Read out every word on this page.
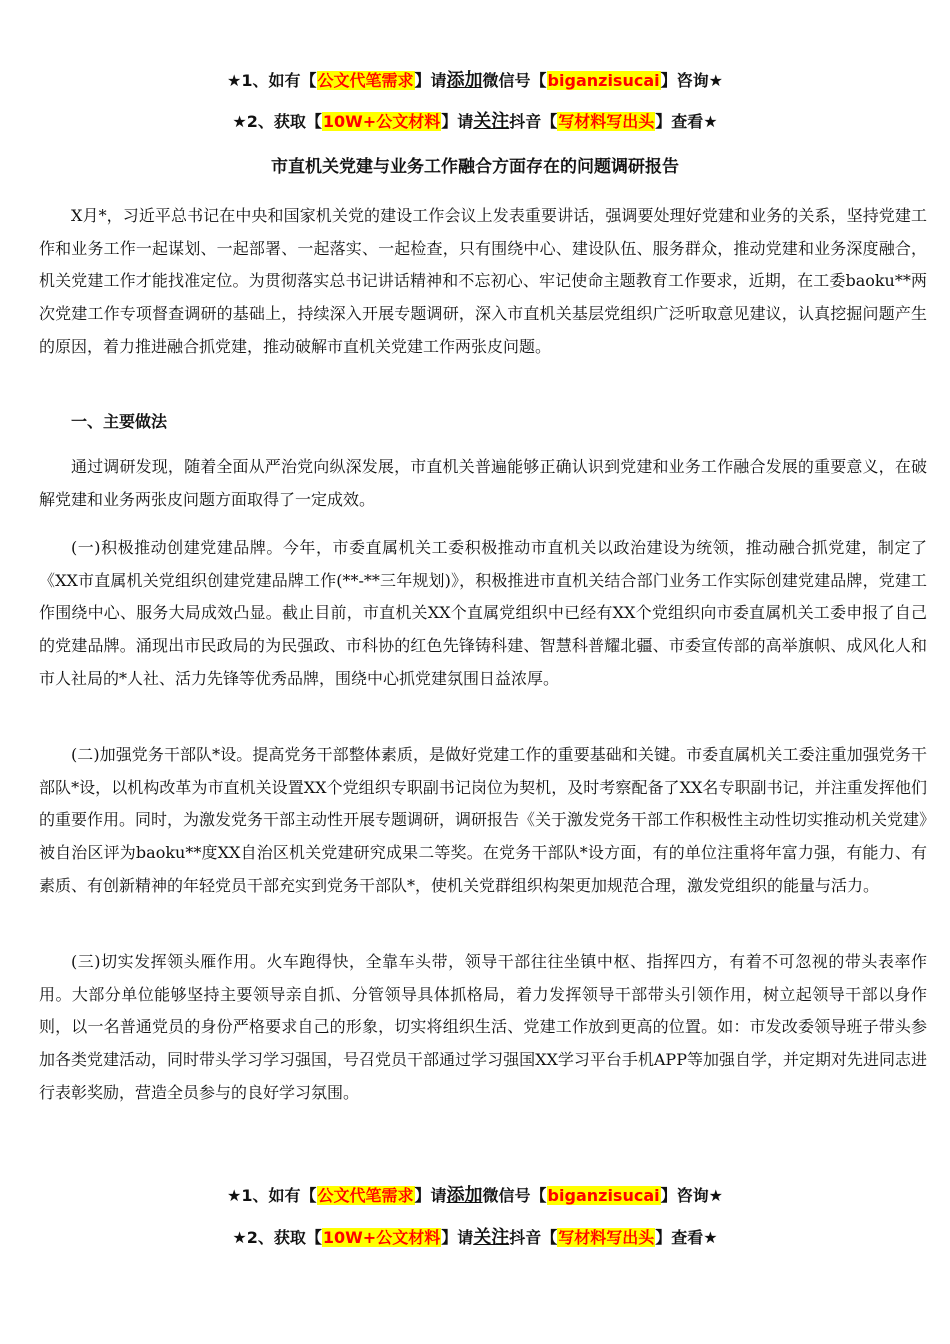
★1、如有【公文代笔需求】请添加微信号【biganzisucai】咨询★
★2、获取【10W+公文材料】请关注抖音【写材料写出头】查看★
市直机关党建与业务工作融合方面存在的问题调研报告

X月*，习近平总书记在中央和国家机关党的建设工作会议上发表重要讲话，强调要处理好党建和业务的关系，坚持党建工作和业务工作一起谋划、一起部署、一起落实、一起检查，只有围绕中心、建设队伍、服务群众，推动党建和业务深度融合，机关党建工作才能找准定位。为贯彻落实总书记讲话精神和不忘初心、牢记使命主题教育工作要求，近期，在工委baoku**两次党建工作专项督查调研的基础上，持续深入开展专题调研，深入市直机关基层党组织广泛听取意见建议，认真挖掘问题产生的原因，着力推进融合抓党建，推动破解市直机关党建工作两张皮问题。

一、主要做法

通过调研发现，随着全面从严治党向纵深发展，市直机关普遍能够正确认识到党建和业务工作融合发展的重要意义，在破解党建和业务两张皮问题方面取得了一定成效。

(一)积极推动创建党建品牌。今年，市委直属机关工委积极推动市直机关以政治建设为统领，推动融合抓党建，制定了《XX市直属机关党组织创建党建品牌工作(**-**三年规划)》，积极推进市直机关结合部门业务工作实际创建党建品牌，党建工作围绕中心、服务大局成效凸显。截止目前，市直机关XX个直属党组织中已经有XX个党组织向市委直属机关工委申报了自己的党建品牌。涌现出市民政局的为民强政、市科协的红色先锋铸科建、智慧科普耀北疆、市委宣传部的高举旗帜、成风化人和市人社局的*人社、活力先锋等优秀品牌，围绕中心抓党建氛围日益浓厚。

(二)加强党务干部队*设。提高党务干部整体素质，是做好党建工作的重要基础和关键。市委直属机关工委注重加强党务干部队*设，以机构改革为市直机关设置XX个党组织专职副书记岗位为契机，及时考察配备了XX名专职副书记，并注重发挥他们的重要作用。同时，为激发党务干部主动性开展专题调研，调研报告《关于激发党务干部工作积极性主动性切实推动机关党建》被自治区评为baoku**度XX自治区机关党建研究成果二等奖。在党务干部队*设方面，有的单位注重将年富力强，有能力、有素质、有创新精神的年轻党员干部充实到党务干部队*，使机关党群组织构架更加规范合理，激发党组织的能量与活力。

(三)切实发挥领头雁作用。火车跑得快，全靠车头带，领导干部往往坐镇中枢、指挥四方，有着不可忽视的带头表率作用。大部分单位能够坚持主要领导亲自抓、分管领导具体抓格局，着力发挥领导干部带头引领作用，树立起领导干部以身作则，以一名普通党员的身份严格要求自己的形象，切实将组织生活、党建工作放到更高的位置。如：市发改委领导班子带头参加各类党建活动，同时带头学习学习强国，号召党员干部通过学习强国XX学习平台手机APP等加强自学，并定期对先进同志进行表彰奖励，营造全员参与的良好学习氛围。

★1、如有【公文代笔需求】请添加微信号【biganzisucai】咨询★
★2、获取【10W+公文材料】请关注抖音【写材料写出头】查看★
